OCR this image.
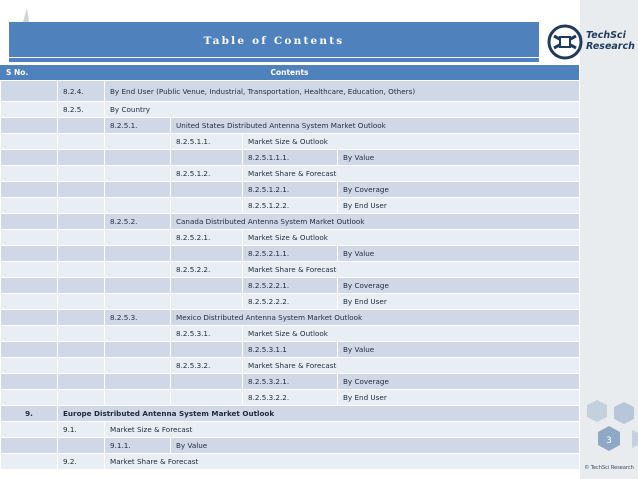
Table of Contents	TechSci
Research
Contents
S No.
	8.2.4.	By End User (Public Venue, Industrial, Transportation, Healthcare, Education, Others)			
	8.2.5.	By Country			
		8.2.5.1.	United States Distributed Antenna System Market Outlook		
			8.2.5.1.1.	Market Size & Outlook	
				8.2.5.1.1.1.	By Value
			8.2.5.1.2.	Market Share & Forecast	
				8.2.5.1.2.1.	By Coverage
				8.2.5.1.2.2.	By End User
		8.2.5.2.	Canada Distributed Antenna System Market Outlook		
			8.2.5.2.1.	Market Size & Outlook	
				8.2.5.2.1.1.	By Value
			8.2.5.2.2.	Market Share & Forecast	
				8.2.5.2.2.1.	By Coverage
				8.2.5.2.2.2.	By End User
		8.2.5.3.	Mexico Distributed Antenna System Market Outlook		
			8.2.5.3.1.	Market Size & Outlook	
				8.2.5.3.1.1	By Value
			8.2.5.3.2.	Market Share & Forecast	
				8.2.5.3.2.1.	By Coverage
				8.2.5.3.2.2.	By End User
9.	Europe Distributed Antenna System Market Outlook				
	9.1.	Market Size & Forecast			
		9.1.1.	By Value		
	9.2.	Market Share & Forecast			
3
© TechSci Research
